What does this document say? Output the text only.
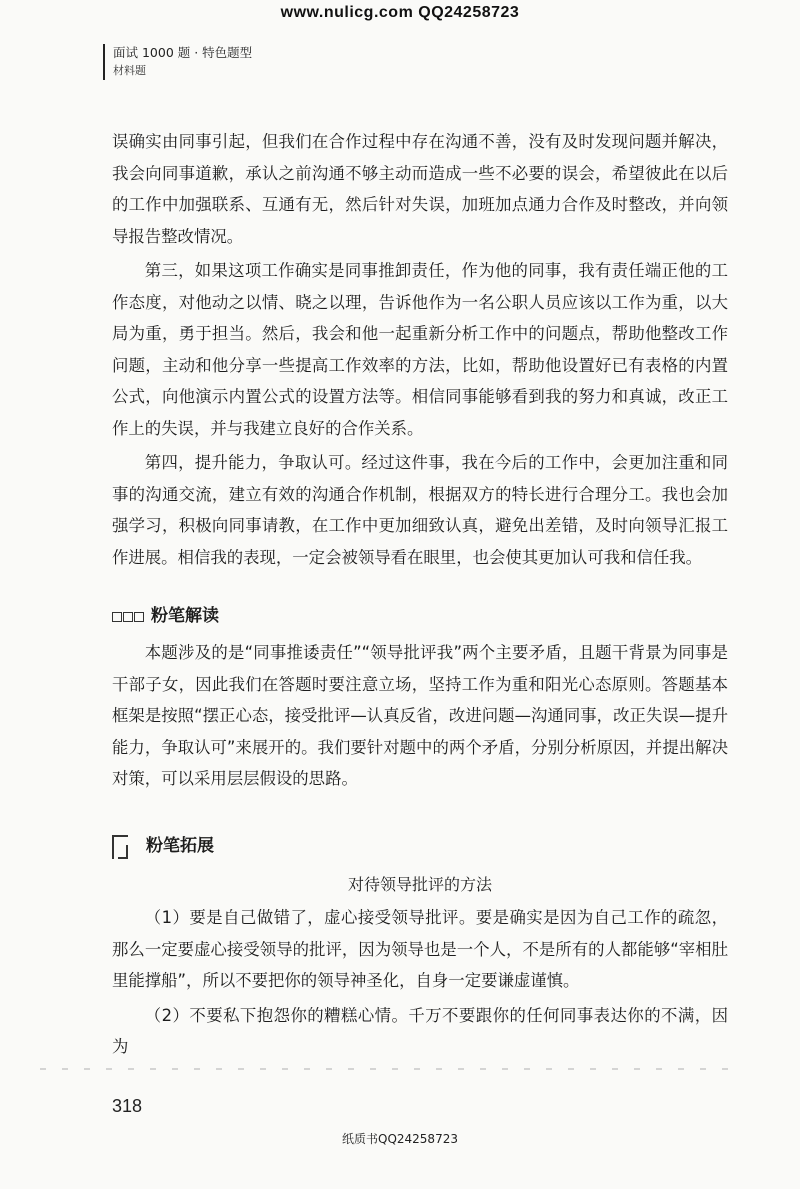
www.nulicg.com QQ24258723
面试 1000 题 · 特色题型
材料题

误确实由同事引起，但我们在合作过程中存在沟通不善，没有及时发现问题并解决，我会向同事道歉，承认之前沟通不够主动而造成一些不必要的误会，希望彼此在以后的工作中加强联系、互通有无，然后针对失误，加班加点通力合作及时整改，并向领导报告整改情况。

第三，如果这项工作确实是同事推卸责任，作为他的同事，我有责任端正他的工作态度，对他动之以情、晓之以理，告诉他作为一名公职人员应该以工作为重，以大局为重，勇于担当。然后，我会和他一起重新分析工作中的问题点，帮助他整改工作问题，主动和他分享一些提高工作效率的方法，比如，帮助他设置好已有表格的内置公式，向他演示内置公式的设置方法等。相信同事能够看到我的努力和真诚，改正工作上的失误，并与我建立良好的合作关系。

第四，提升能力，争取认可。经过这件事，我在今后的工作中，会更加注重和同事的沟通交流，建立有效的沟通合作机制，根据双方的特长进行合理分工。我也会加强学习，积极向同事请教，在工作中更加细致认真，避免出差错，及时向领导汇报工作进展。相信我的表现，一定会被领导看在眼里，也会使其更加认可我和信任我。

粉笔解读

本题涉及的是“同事推诿责任”“领导批评我”两个主要矛盾，且题干背景为同事是干部子女，因此我们在答题时要注意立场，坚持工作为重和阳光心态原则。答题基本框架是按照“摆正心态，接受批评—认真反省，改进问题—沟通同事，改正失误—提升能力，争取认可”来展开的。我们要针对题中的两个矛盾，分别分析原因，并提出解决对策，可以采用层层假设的思路。

粉笔拓展
对待领导批评的方法

（1）要是自己做错了，虚心接受领导批评。要是确实是因为自己工作的疏忽，那么一定要虚心接受领导的批评，因为领导也是一个人，不是所有的人都能够“宰相肚里能撑船”，所以不要把你的领导神圣化，自身一定要谦虚谨慎。

（2）不要私下抱怨你的糟糕心情。千万不要跟你的任何同事表达你的不满，因为

318
纸质书QQ24258723
